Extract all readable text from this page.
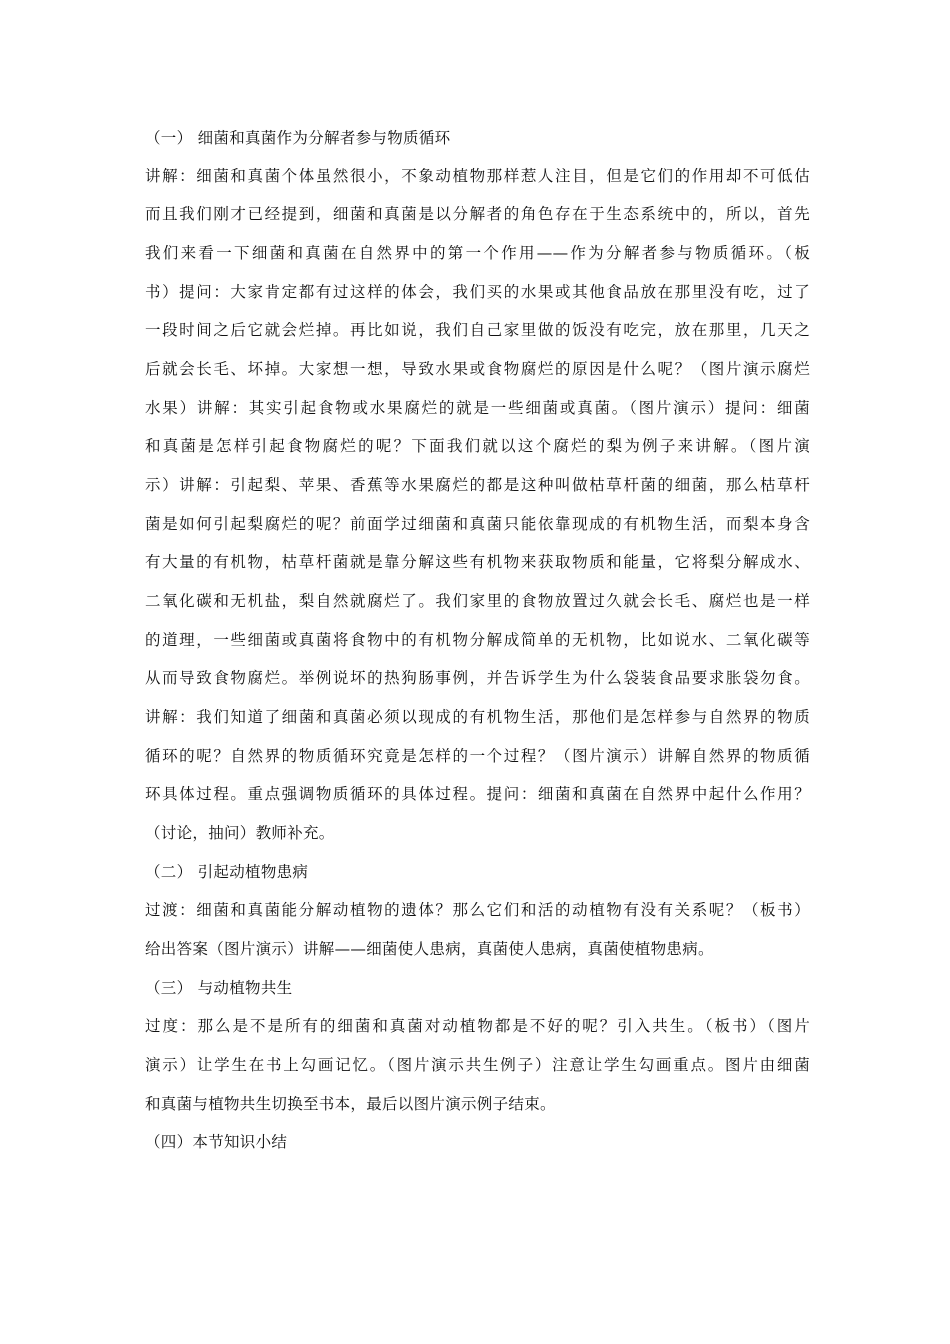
（一） 细菌和真菌作为分解者参与物质循环
讲解：细菌和真菌个体虽然很小，不象动植物那样惹人注目，但是它们的作用却不可低估
而且我们刚才已经提到，细菌和真菌是以分解者的角色存在于生态系统中的，所以，首先
我们来看一下细菌和真菌在自然界中的第一个作用——作为分解者参与物质循环。（板
书）提问：大家肯定都有过这样的体会，我们买的水果或其他食品放在那里没有吃，过了
一段时间之后它就会烂掉。再比如说，我们自己家里做的饭没有吃完，放在那里，几天之
后就会长毛、坏掉。大家想一想，导致水果或食物腐烂的原因是什么呢？（图片演示腐烂
水果）讲解：其实引起食物或水果腐烂的就是一些细菌或真菌。（图片演示）提问：细菌
和真菌是怎样引起食物腐烂的呢？下面我们就以这个腐烂的梨为例子来讲解。（图片演
示）讲解：引起梨、苹果、香蕉等水果腐烂的都是这种叫做枯草杆菌的细菌，那么枯草杆
菌是如何引起梨腐烂的呢？前面学过细菌和真菌只能依靠现成的有机物生活，而梨本身含
有大量的有机物，枯草杆菌就是靠分解这些有机物来获取物质和能量，它将梨分解成水、
二氧化碳和无机盐，梨自然就腐烂了。我们家里的食物放置过久就会长毛、腐烂也是一样
的道理，一些细菌或真菌将食物中的有机物分解成简单的无机物，比如说水、二氧化碳等
从而导致食物腐烂。举例说坏的热狗肠事例，并告诉学生为什么袋装食品要求胀袋勿食。
讲解：我们知道了细菌和真菌必须以现成的有机物生活，那他们是怎样参与自然界的物质
循环的呢？自然界的物质循环究竟是怎样的一个过程？（图片演示）讲解自然界的物质循
环具体过程。重点强调物质循环的具体过程。提问：细菌和真菌在自然界中起什么作用？
（讨论，抽问）教师补充。
（二） 引起动植物患病
过渡：细菌和真菌能分解动植物的遗体？那么它们和活的动植物有没有关系呢？（板书）
给出答案（图片演示）讲解——细菌使人患病，真菌使人患病，真菌使植物患病。
（三） 与动植物共生
过度：那么是不是所有的细菌和真菌对动植物都是不好的呢？引入共生。（板书）（图片
演示）让学生在书上勾画记忆。（图片演示共生例子）注意让学生勾画重点。图片由细菌
和真菌与植物共生切换至书本，最后以图片演示例子结束。
（四）本节知识小结
